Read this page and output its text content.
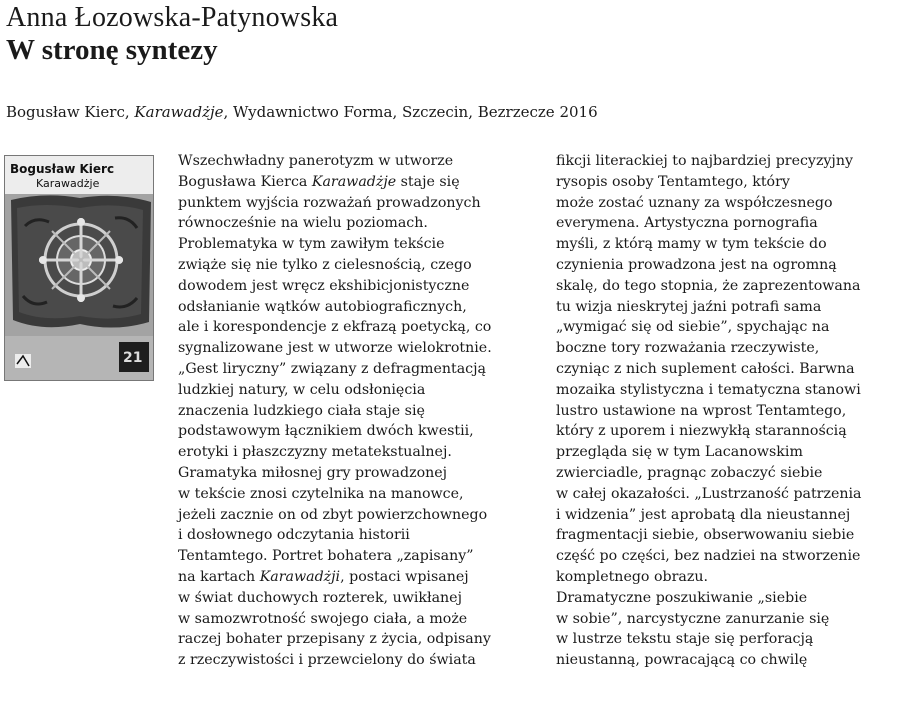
Anna Łozowska-Patynowska
W stronę syntezy
Bogusław Kierc, Karawadżje, Wydawnictwo Forma, Szczecin, Bezrzecze 2016
Bogusław Kierc
Karawadżje
21
Wszechwładny panerotyzm w utworze
Bogusława Kierca Karawadżje staje się
punktem wyjścia rozważań prowadzonych
równocześnie na wielu poziomach.
Problematyka w tym zawiłym tekście
zwiąże się nie tylko z cielesnością, czego
dowodem jest wręcz ekshibicjonistyczne
odsłanianie wątków autobiograficznych,
ale i korespondencje z ekfrazą poetycką, co
sygnalizowane jest w utworze wielokrotnie.
„Gest liryczny” związany z defragmentacją
ludzkiej natury, w celu odsłonięcia
znaczenia ludzkiego ciała staje się
podstawowym łącznikiem dwóch kwestii,
erotyki i płaszczyzny metatekstualnej.
Gramatyka miłosnej gry prowadzonej
w tekście znosi czytelnika na manowce,
jeżeli zacznie on od zbyt powierzchownego
i dosłownego odczytania historii
Tentamtego. Portret bohatera „zapisany”
na kartach Karawadżji, postaci wpisanej
w świat duchowych rozterek, uwikłanej
w samozwrotność swojego ciała, a może
raczej bohater przepisany z życia, odpisany
z rzeczywistości i przewcielony do świata
fikcji literackiej to najbardziej precyzyjny
rysopis osoby Tentamtego, który
może zostać uznany za współczesnego
everymena. Artystyczna pornografia
myśli, z którą mamy w tym tekście do
czynienia prowadzona jest na ogromną
skalę, do tego stopnia, że zaprezentowana
tu wizja nieskrytej jaźni potrafi sama
„wymigać się od siebie”, spychając na
boczne tory rozważania rzeczywiste,
czyniąc z nich suplement całości. Barwna
mozaika stylistyczna i tematyczna stanowi
lustro ustawione na wprost Tentamtego,
który z uporem i niezwykłą starannością
przegląda się w tym Lacanowskim
zwierciadle, pragnąc zobaczyć siebie
w całej okazałości. „Lustrzaność patrzenia
i widzenia” jest aprobatą dla nieustannej
fragmentacji siebie, obserwowaniu siebie
część po części, bez nadziei na stworzenie
kompletnego obrazu.
Dramatyczne poszukiwanie „siebie
w sobie”, narcystyczne zanurzanie się
w lustrze tekstu staje się perforacją
nieustanną, powracającą co chwilę
